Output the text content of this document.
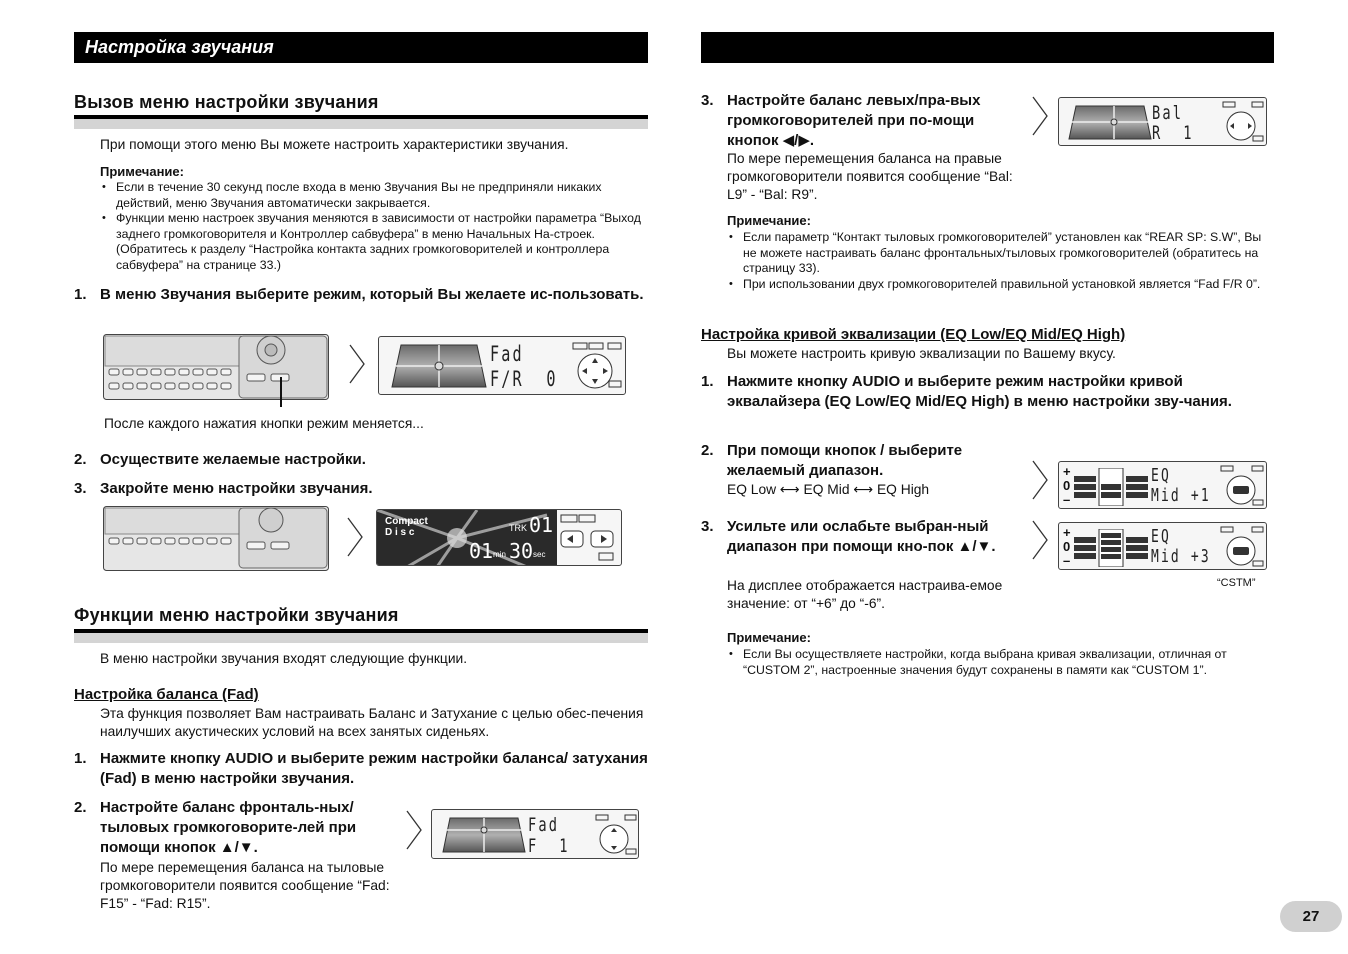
Настройка звучания
Вызов меню настройки звучания
При помощи этого меню Вы можете настроить характеристики звучания.
Примечание:
• Если в течение 30 секунд после входа в меню Звучания Вы не предприняли никаких действий, меню Звучания автоматически закрывается.
• Функции меню настроек звучания меняются в зависимости от настройки параметра “Выход заднего громкоговорителя и Контроллер сабвуфера” в меню Начальных На-строек. (Обратитесь к разделу “Настройка контакта задних громкоговорителей и контроллера сабвуфера” на странице 33.)
1. В меню Звучания выберите режим, который Вы желаете ис-пользовать.
Fad
F/R  0
После каждого нажатия кнопки режим меняется...
2. Осуществите желаемые настройки.
3. Закройте меню настройки звучания.
Compact
D i s c	TRK 01
01 min 30 sec
Функции меню настройки звучания
В меню настройки звучания входят следующие функции.
Настройка баланса (Fad)
Эта функция позволяет Вам настраивать Баланс и Затухание с целью обес-печения наилучших акустических условий на всех занятых сиденьях.
1. Нажмите кнопку AUDIO и выберите режим настройки баланса/ затухания (Fad) в меню настройки звучания.
2. Настройте баланс фронталь-ных/тыловых громкоговорите-лей при помощи кнопок ▲/▼.
По мере перемещения баланса на тыловые громкоговорители появится сообщение “Fad: F15” - “Fad: R15”.
Fad
F  1
3. Настройте баланс левых/пра-вых громкоговорителей при по-мощи кнопок ◀/▶.
По мере перемещения баланса на правые громкоговорители появится сообщение “Bal: L9” - “Bal: R9”.
Bal
R  1
Примечание:
• Если параметр “Контакт тыловых громкоговорителей” установлен как “REAR SP: S.W”, Вы не можете настраивать баланс фронтальных/тыловых громкоговорителей (обратитесь на страницу 33).
• При использовании двух громкоговорителей правильной установкой является “Fad F/R 0”.
Настройка кривой эквализации (EQ Low/EQ Mid/EQ High)
Вы можете настроить кривую эквализации по Вашему вкусу.
1. Нажмите кнопку AUDIO и выберите режим настройки кривой эквалайзера (EQ Low/EQ Mid/EQ High) в меню настройки зву-чания.
2. При помощи кнопок / выберите желаемый диапазон.
EQ Low ⟷ EQ Mid ⟷ EQ High
+
0
–
EQ
Mid +1
3. Усильте или ослабьте выбран-ный диапазон при помощи кно-пок ▲/▼.
На дисплее отображается настраива-емое значение: от “+6” до “-6”.
+
0
–
EQ
Mid +3
“CSTM”
Примечание:
• Если Вы осуществляете настройки, когда выбрана кривая эквализации, отличная от “CUSTOM 2”, настроенные значения будут сохранены в памяти как “CUSTOM 1”.
27
